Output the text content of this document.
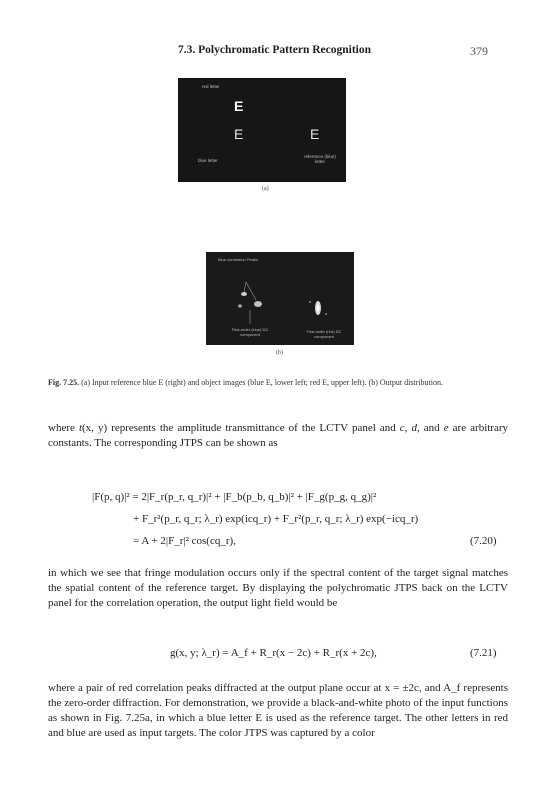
7.3. Polychromatic Pattern Recognition	379
red letter
E
E	E
blue letter
reference (blue) letter
(a)
Blue correlation Peaks
First-order (blue) DC component	First-order (red) DC component
(b)
Fig. 7.25. (a) Input reference blue E (right) and object images (blue E, lower left; red E, upper left). (b) Output distribution.
where t(x, y) represents the amplitude transmittance of the LCTV panel and c, d, and e are arbitrary constants. The corresponding JTPS can be shown as
|F(p, q)|² = 2|F_r(p_r, q_r)|² + |F_b(p_b, q_b)|² + |F_g(p_g, q_g)|²
+ F_r²(p_r, q_r; λ_r) exp(icq_r) + F_r²(p_r, q_r; λ_r) exp(−icq_r)
= A + 2|F_r|² cos(cq_r),	(7.20)
in which we see that fringe modulation occurs only if the spectral content of the target signal matches the spatial content of the reference target. By displaying the polychromatic JTPS back on the LCTV panel for the correlation operation, the output light field would be
g(x, y; λ_r) = A_f + R_r(x − 2c) + R_r(x + 2c),	(7.21)
where a pair of red correlation peaks diffracted at the output plane occur at x = ±2c, and A_f represents the zero-order diffraction. For demonstration, we provide a black-and-white photo of the input functions as shown in Fig. 7.25a, in which a blue letter E is used as the reference target. The other letters in red and blue are used as input targets. The color JTPS was captured by a color
